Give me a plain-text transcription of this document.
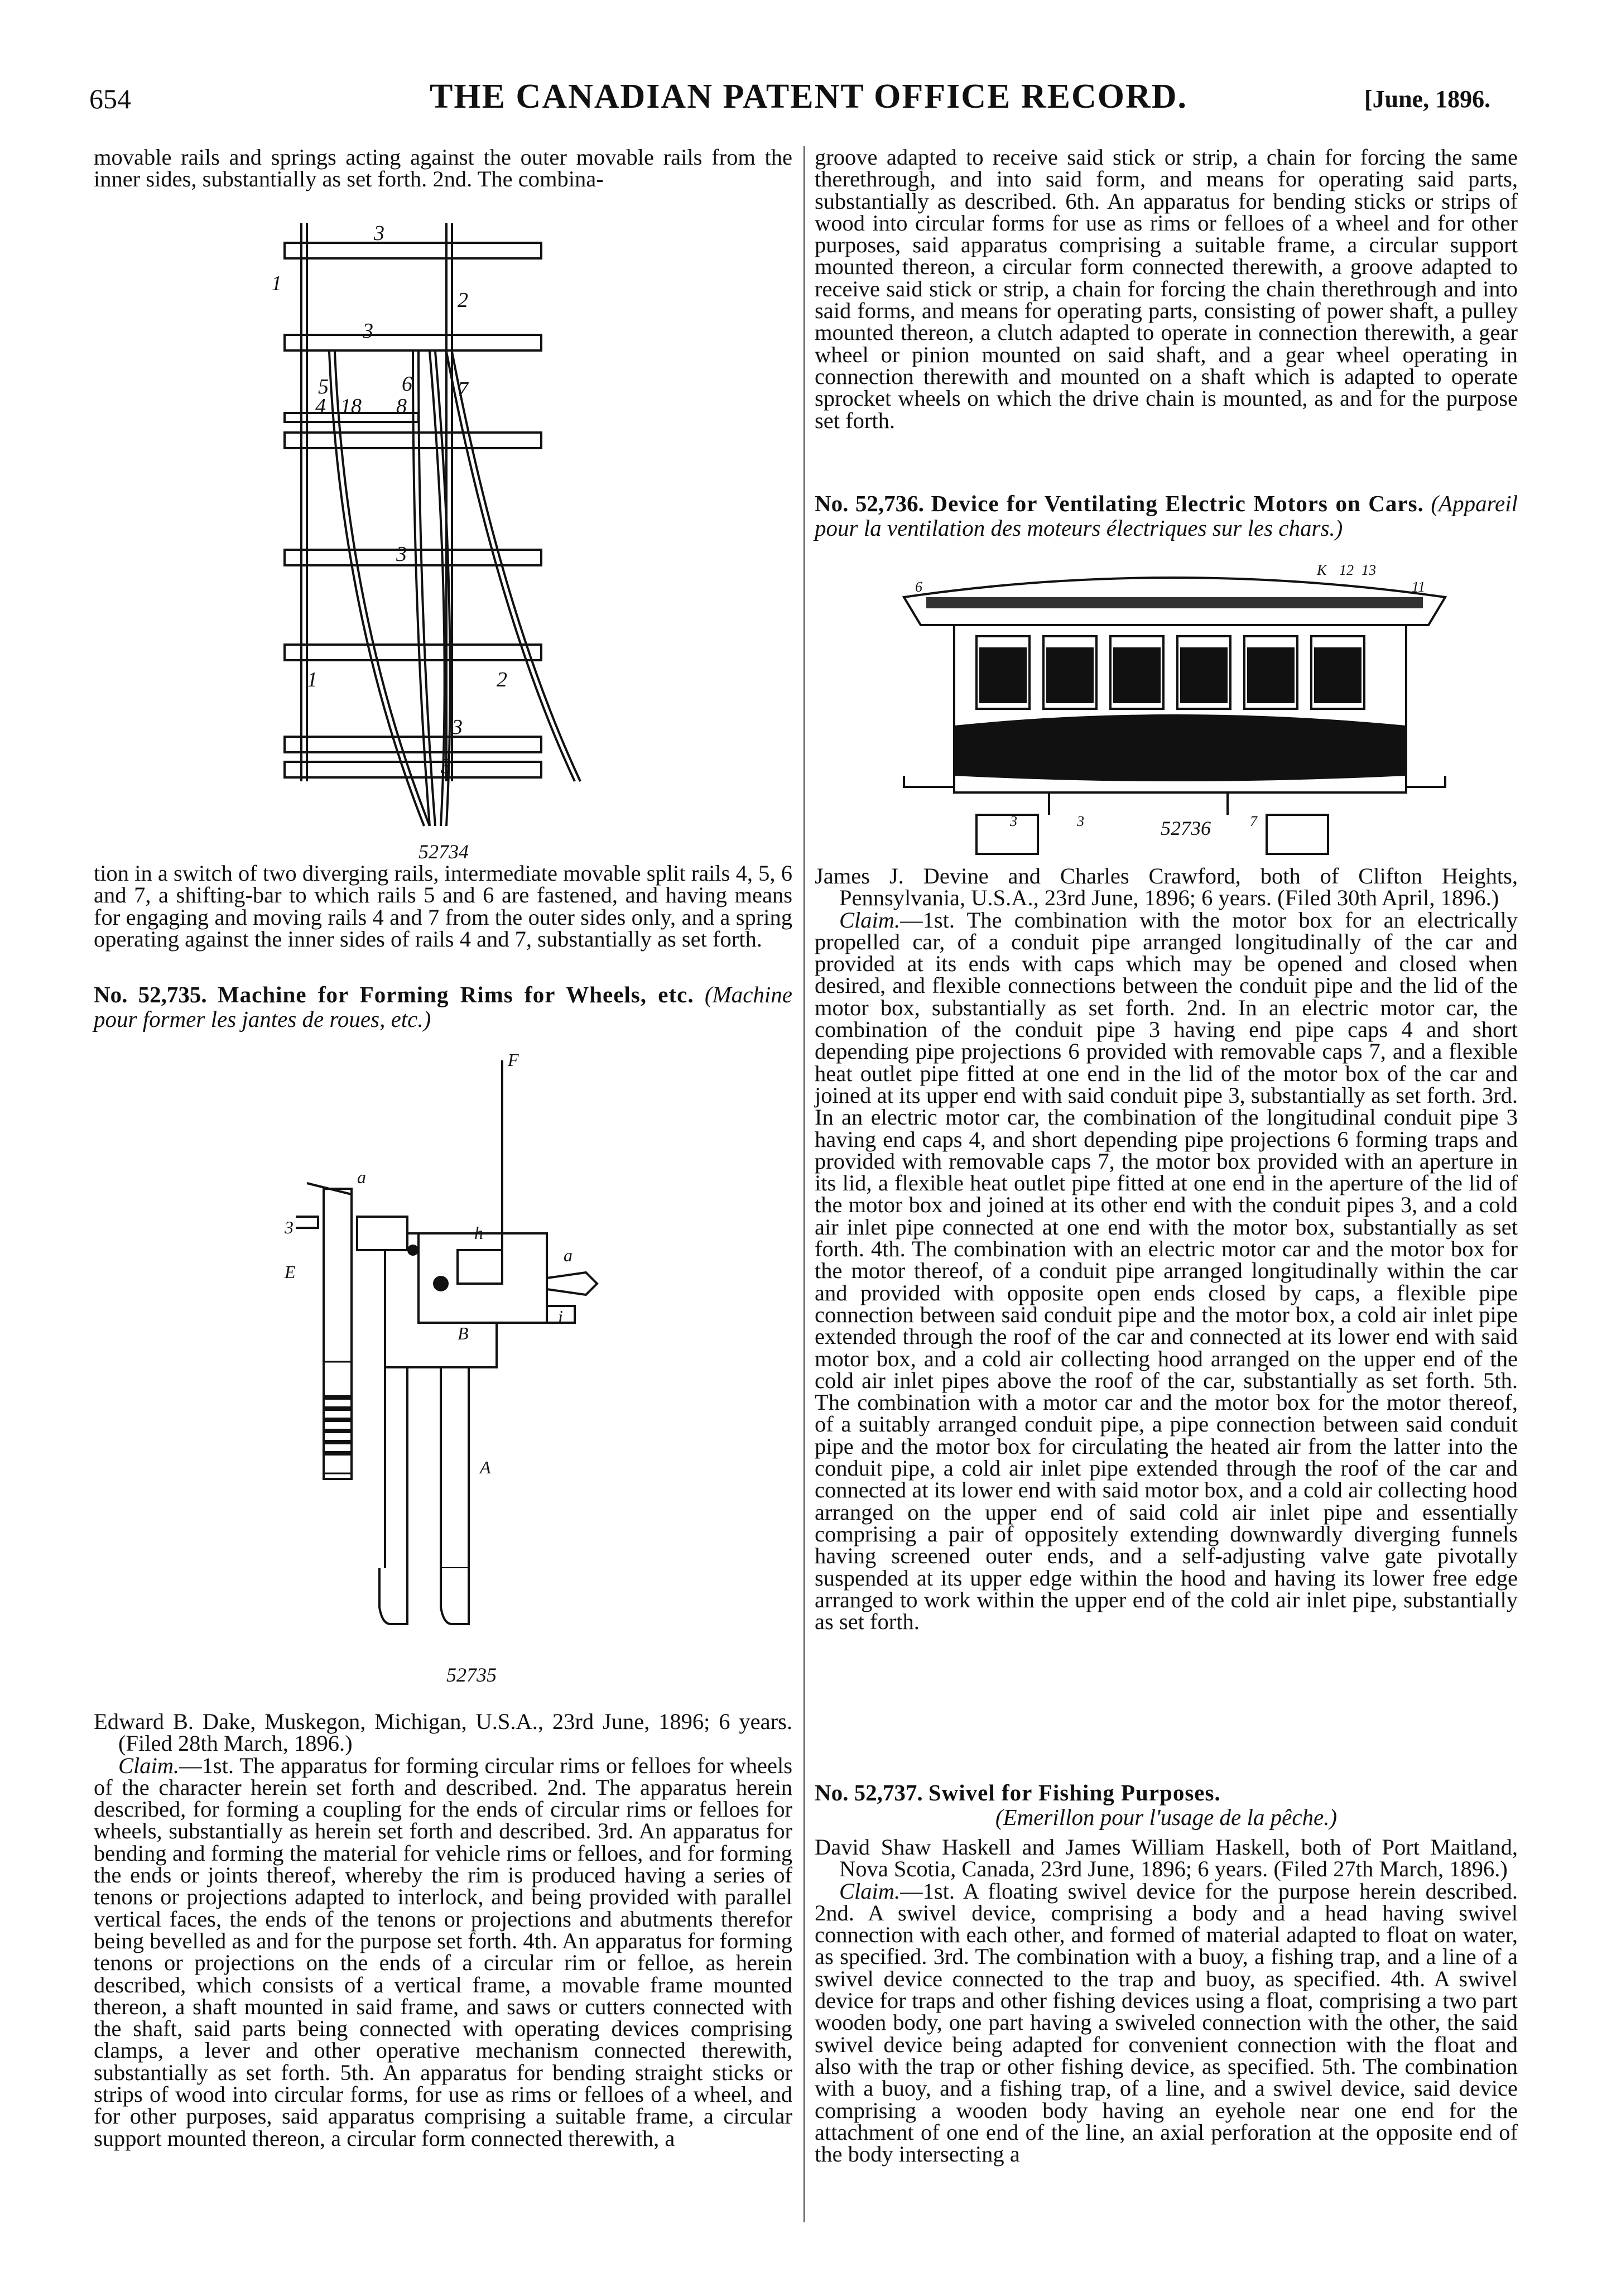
654	THE CANADIAN PATENT OFFICE RECORD.	[June, 1896.

movable rails and springs acting against the outer movable rails from the inner sides, substantially as set forth. 2nd. The combina-

3
1
2
3
5	6 7
4 18 8
3
1	2
3
3
52734

tion in a switch of two diverging rails, intermediate movable split rails 4, 5, 6 and 7, a shifting-bar to which rails 5 and 6 are fastened, and having means for engaging and moving rails 4 and 7 from the outer sides only, and a spring operating against the inner sides of rails 4 and 7, substantially as set forth.

No. 52,735. Machine for Forming Rims for Wheels, etc. (Machine pour former les jantes de roues, etc.)
F
a
h
a
3
E
i
B
A
52735

Edward B. Dake, Muskegon, Michigan, U.S.A., 23rd June, 1896; 6 years. (Filed 28th March, 1896.)

Claim.—1st. The apparatus for forming circular rims or felloes for wheels of the character herein set forth and described. 2nd. The apparatus herein described, for forming a coupling for the ends of circular rims or felloes for wheels, substantially as herein set forth and described. 3rd. An apparatus for bending and forming the material for vehicle rims or felloes, and for forming the ends or joints thereof, whereby the rim is produced having a series of tenons or projections adapted to interlock, and being provided with parallel vertical faces, the ends of the tenons or projections and abutments therefor being bevelled as and for the purpose set forth. 4th. An apparatus for forming tenons or projections on the ends of a circular rim or felloe, as herein described, which consists of a vertical frame, a movable frame mounted thereon, a shaft mounted in said frame, and saws or cutters connected with the shaft, said parts being connected with operating devices comprising clamps, a lever and other operative mechanism connected therewith, substantially as set forth. 5th. An apparatus for bending straight sticks or strips of wood into circular forms, for use as rims or felloes of a wheel, and for other purposes, said apparatus comprising a suitable frame, a circular support mounted thereon, a circular form connected therewith, a

groove adapted to receive said stick or strip, a chain for forcing the same therethrough, and into said form, and means for operating said parts, substantially as described. 6th. An apparatus for bending sticks or strips of wood into circular forms for use as rims or felloes of a wheel and for other purposes, said apparatus comprising a suitable frame, a circular support mounted thereon, a circular form connected therewith, a groove adapted to receive said stick or strip, a chain for forcing the chain therethrough and into said forms, and means for operating parts, consisting of power shaft, a pulley mounted thereon, a clutch adapted to operate in connection therewith, a gear wheel or pinion mounted on said shaft, and a gear wheel operating in connection therewith and mounted on a shaft which is adapted to operate sprocket wheels on which the drive chain is mounted, as and for the purpose set forth.

No. 52,736. Device for Ventilating Electric Motors on Cars. (Appareil pour la ventilation des moteurs électriques sur les chars.)
K 12 13
6	11
3	3	7
52736

James J. Devine and Charles Crawford, both of Clifton Heights, Pennsylvania, U.S.A., 23rd June, 1896; 6 years. (Filed 30th April, 1896.)

Claim.—1st. The combination with the motor box for an electrically propelled car, of a conduit pipe arranged longitudinally of the car and provided at its ends with caps which may be opened and closed when desired, and flexible connections between the conduit pipe and the lid of the motor box, substantially as set forth. 2nd. In an electric motor car, the combination of the conduit pipe 3 having end pipe caps 4 and short depending pipe projections 6 provided with removable caps 7, and a flexible heat outlet pipe fitted at one end in the lid of the motor box of the car and joined at its upper end with said conduit pipe 3, substantially as set forth. 3rd. In an electric motor car, the combination of the longitudinal conduit pipe 3 having end caps 4, and short depending pipe projections 6 forming traps and provided with removable caps 7, the motor box provided with an aperture in its lid, a flexible heat outlet pipe fitted at one end in the aperture of the lid of the motor box and joined at its other end with the conduit pipes 3, and a cold air inlet pipe connected at one end with the motor box, substantially as set forth. 4th. The combination with an electric motor car and the motor box for the motor thereof, of a conduit pipe arranged longitudinally within the car and provided with opposite open ends closed by caps, a flexible pipe connection between said conduit pipe and the motor box, a cold air inlet pipe extended through the roof of the car and connected at its lower end with said motor box, and a cold air collecting hood arranged on the upper end of the cold air inlet pipes above the roof of the car, substantially as set forth. 5th. The combination with a motor car and the motor box for the motor thereof, of a suitably arranged conduit pipe, a pipe connection between said conduit pipe and the motor box for circulating the heated air from the latter into the conduit pipe, a cold air inlet pipe extended through the roof of the car and connected at its lower end with said motor box, and a cold air collecting hood arranged on the upper end of said cold air inlet pipe and essentially comprising a pair of oppositely extending downwardly diverging funnels having screened outer ends, and a self-adjusting valve gate pivotally suspended at its upper edge within the hood and having its lower free edge arranged to work within the upper end of the cold air inlet pipe, substantially as set forth.

No. 52,737. Swivel for Fishing Purposes.
(Emerillon pour l'usage de la pêche.)

David Shaw Haskell and James William Haskell, both of Port Maitland, Nova Scotia, Canada, 23rd June, 1896; 6 years. (Filed 27th March, 1896.)

Claim.—1st. A floating swivel device for the purpose herein described. 2nd. A swivel device, comprising a body and a head having swivel connection with each other, and formed of material adapted to float on water, as specified. 3rd. The combination with a buoy, a fishing trap, and a line of a swivel device connected to the trap and buoy, as specified. 4th. A swivel device for traps and other fishing devices using a float, comprising a two part wooden body, one part having a swiveled connection with the other, the said swivel device being adapted for convenient connection with the float and also with the trap or other fishing device, as specified. 5th. The combination with a buoy, and a fishing trap, of a line, and a swivel device, said device comprising a wooden body having an eyehole near one end for the attachment of one end of the line, an axial perforation at the opposite end of the body intersecting a
